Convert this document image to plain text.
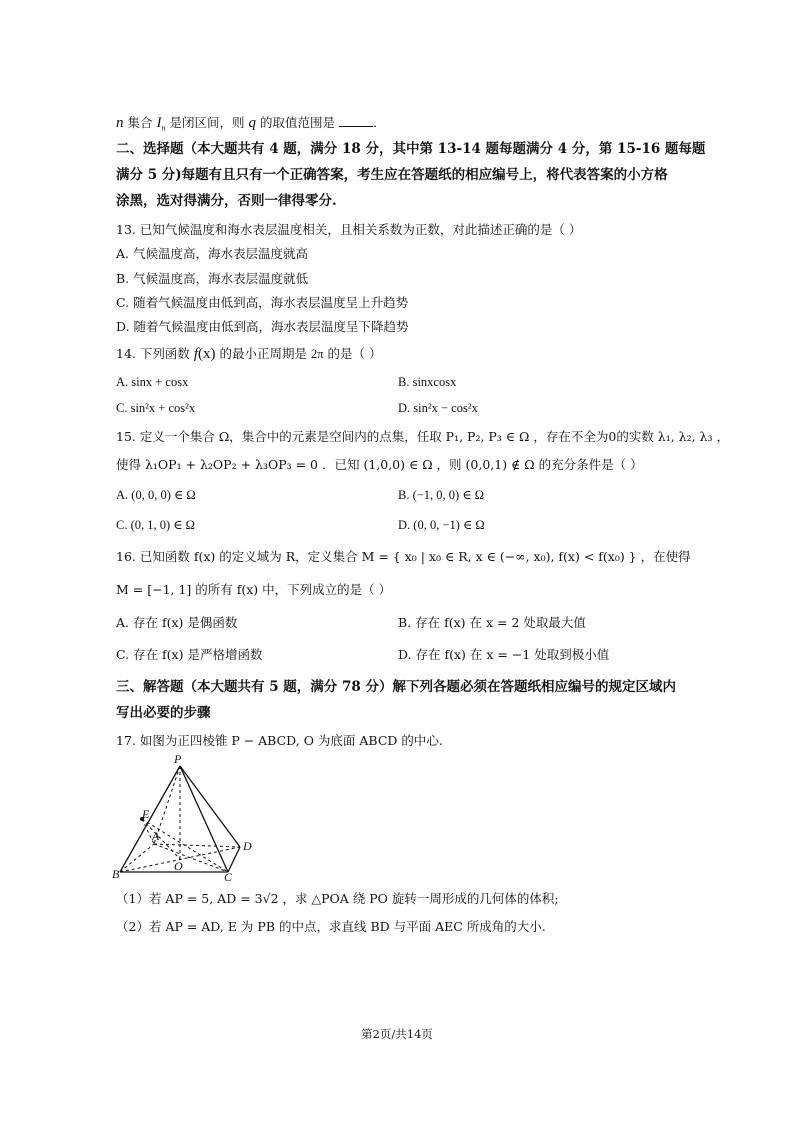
n 集合 $I_n$ 是闭区间，则 q 的取值范围是	.
二、选择题（本大题共有 4 题，满分 18 分，其中第 13-14 题每题满分 4 分，第 15-16 题每题
满分 5 分)每题有且只有一个正确答案，考生应在答题纸的相应编号上，将代表答案的小方格
涂黑，选对得满分，否则一律得零分.
13. 已知气候温度和海水表层温度相关，且相关系数为正数，对此描述正确的是（ ）
A. 气候温度高，海水表层温度就高
B. 气候温度高，海水表层温度就低
C. 随着气候温度由低到高，海水表层温度呈上升趋势
D. 随着气候温度由低到高，海水表层温度呈下降趋势
14. 下列函数 f(x) 的最小正周期是 2π 的是（ ）
A. sinx + cosx	B. sinxcosx
C. sin²x + cos²x	D. sin²x − cos²x
15. 定义一个集合 Ω，集合中的元素是空间内的点集，任取 P₁, P₂, P₃ ∈ Ω ，存在不全为0的实数 λ₁, λ₂, λ₃ ，
使得 λ₁OP₁ + λ₂OP₂ + λ₃OP₃ = 0 ．已知 (1,0,0) ∈ Ω ，则 (0,0,1) ∉ Ω 的充分条件是（ ）
A. (0, 0, 0) ∈ Ω	B. (−1, 0, 0) ∈ Ω
C. (0, 1, 0) ∈ Ω	D. (0, 0, −1) ∈ Ω
16. 已知函数 f(x) 的定义域为 R，定义集合 M = { x₀ | x₀ ∈ R, x ∈ (−∞, x₀), f(x) < f(x₀) } ，在使得
M = [−1, 1] 的所有 f(x) 中，下列成立的是（ ）
A. 存在 f(x) 是偶函数	B. 存在 f(x) 在 x = 2 处取最大值
C. 存在 f(x) 是严格增函数	D. 存在 f(x) 在 x = −1 处取到极小值
三、解答题（本大题共有 5 题，满分 78 分）解下列各题必须在答题纸相应编号的规定区域内
写出必要的步骤
17. 如图为正四棱锥 P − ABCD, O 为底面 ABCD 的中心.
P
E
A
B	C
D
O
（1）若 AP = 5, AD = 3√2 ，求 △POA 绕 PO 旋转一周形成的几何体的体积;
（2）若 AP = AD, E 为 PB 的中点，求直线 BD 与平面 AEC 所成角的大小.
第2页/共14页
